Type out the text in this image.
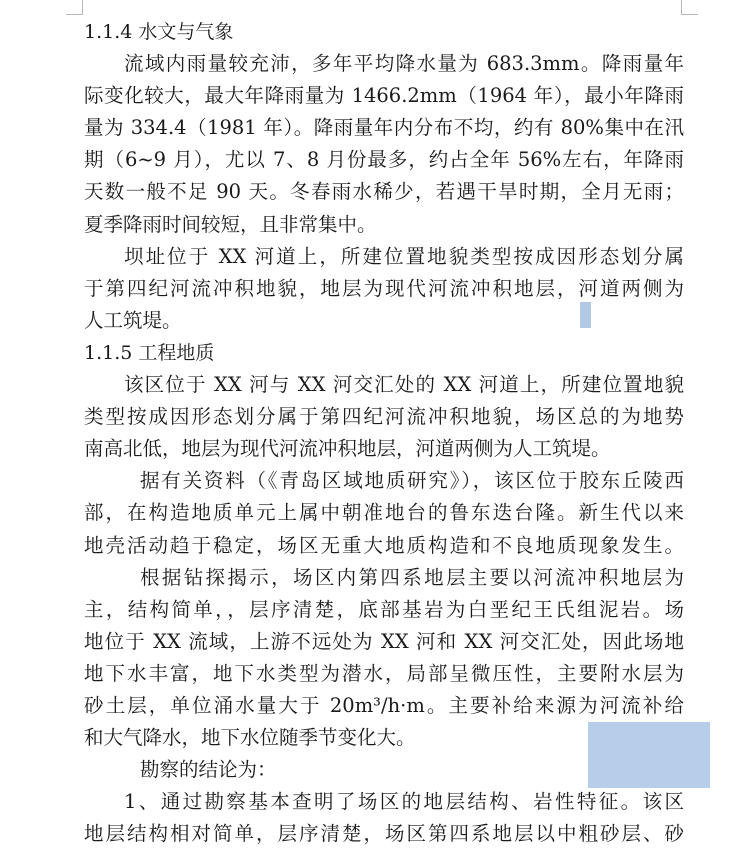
1.1.4 水文与气象
流域内雨量较充沛，多年平均降水量为 683.3mm。降雨量年
际变化较大，最大年降雨量为 1466.2mm（1964 年），最小年降雨
量为 334.4（1981 年）。降雨量年内分布不均，约有 80%集中在汛
期（6~9 月），尤以 7、8 月份最多，约占全年 56%左右，年降雨
天数一般不足 90 天。冬春雨水稀少，若遇干旱时期，全月无雨；
夏季降雨时间较短，且非常集中。
坝址位于 XX 河道上，所建位置地貌类型按成因形态划分属
于第四纪河流冲积地貌，地层为现代河流冲积地层，河道两侧为
人工筑堤。
1.1.5 工程地质
该区位于 XX 河与 XX 河交汇处的 XX 河道上，所建位置地貌
类型按成因形态划分属于第四纪河流冲积地貌，场区总的为地势
南高北低，地层为现代河流冲积地层，河道两侧为人工筑堤。
据有关资料（《青岛区域地质研究》），该区位于胶东丘陵西
部，在构造地质单元上属中朝准地台的鲁东迭台隆。新生代以来
地壳活动趋于稳定，场区无重大地质构造和不良地质现象发生。
根据钻探揭示，场区内第四系地层主要以河流冲积地层为
主，结构简单，，层序清楚，底部基岩为白垩纪王氏组泥岩。场
地位于 XX 流域，上游不远处为 XX 河和 XX 河交汇处，因此场地
地下水丰富，地下水类型为潜水，局部呈微压性，主要附水层为
砂土层，单位涌水量大于 20m³/h·m。主要补给来源为河流补给
和大气降水，地下水位随季节变化大。
勘察的结论为：
1、通过勘察基本查明了场区的地层结构、岩性特征。该区
地层结构相对简单，层序清楚，场区第四系地层以中粗砂层、砂
